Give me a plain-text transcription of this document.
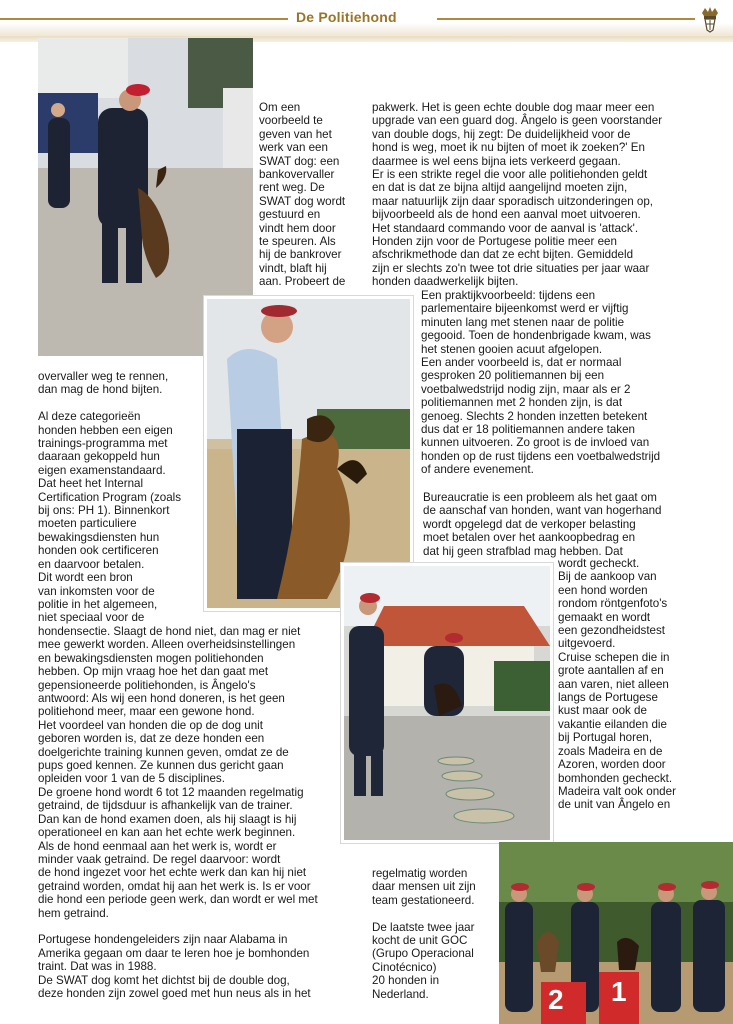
De Politiehond
2 1

Om een
voorbeeld te
geven van het
werk van een
SWAT dog: een
bankovervaller
rent weg. De
SWAT dog wordt
gestuurd en
vindt hem door
te speuren. Als
hij de bankrover
vindt, blaft hij
aan. Probeert de

overvaller weg te rennen,
dan mag de hond bijten.

Al deze categorieën
honden hebben een eigen
trainings-programma met
daaraan gekoppeld hun
eigen examenstandaard.
Dat heet het Internal
Certification Program (zoals
bij ons: PH 1). Binnenkort
moeten particuliere
bewakingsdiensten hun
honden ook certificeren
en daarvoor betalen.
Dit wordt een bron
van inkomsten voor de
politie in het algemeen,
niet speciaal voor de

hondensectie. Slaagt de hond niet, dan mag er niet
mee gewerkt worden. Alleen overheidsinstellingen
en bewakingsdiensten mogen politiehonden
hebben. Op mijn vraag hoe het dan gaat met
gepensioneerde politiehonden, is Ângelo's
antwoord: Als wij een hond doneren, is het geen
politiehond meer, maar een gewone hond.
Het voordeel van honden die op de dog unit
geboren worden is, dat ze deze honden een
doelgerichte training kunnen geven, omdat ze de
pups goed kennen. Ze kunnen dus gericht gaan
opleiden voor 1 van de 5 disciplines.
De groene hond wordt 6 tot 12 maanden regelmatig
getraind, de tijdsduur is afhankelijk van de trainer.
Dan kan de hond examen doen, als hij slaagt is hij
operationeel en kan aan het echte werk beginnen.
Als de hond eenmaal aan het werk is, wordt er
minder vaak getraind. De regel daarvoor: wordt
de hond ingezet voor het echte werk dan kan hij niet
getraind worden, omdat hij aan het werk is. Is er voor
die hond een periode geen werk, dan wordt er wel met
hem getraind.

Portugese hondengeleiders zijn naar Alabama in
Amerika gegaan om daar te leren hoe je bomhonden
traint. Dat was in 1988.
De SWAT dog komt het dichtst bij de double dog,
deze honden zijn zowel goed met hun neus als in het

pakwerk. Het is geen echte double dog maar meer een
upgrade van een guard dog. Ângelo is geen voorstander
van double dogs, hij zegt: De duidelijkheid voor de
hond is weg, moet ik nu bijten of moet ik zoeken?' En
daarmee is wel eens bijna iets verkeerd gegaan.
Er is een strikte regel die voor alle politiehonden geldt
en dat is dat ze bijna altijd aangelijnd moeten zijn,
maar natuurlijk zijn daar sporadisch uitzonderingen op,
bijvoorbeeld als de hond een aanval moet uitvoeren.
Het standaard commando voor de aanval is 'attack'.
Honden zijn voor de Portugese politie meer een
afschrikmethode dan dat ze echt bijten. Gemiddeld
zijn er slechts zo'n twee tot drie situaties per jaar waar
honden daadwerkelijk bijten.

Een praktijkvoorbeeld: tijdens een
parlementaire bijeenkomst werd er vijftig
minuten lang met stenen naar de politie
gegooid. Toen de hondenbrigade kwam, was
het stenen gooien acuut afgelopen.
Een ander voorbeeld is, dat er normaal
gesproken 20 politiemannen bij een
voetbalwedstrijd nodig zijn, maar als er 2
politiemannen met 2 honden zijn, is dat
genoeg. Slechts 2 honden inzetten betekent
dus dat er 18 politiemannen andere taken
kunnen uitvoeren. Zo groot is de invloed van
honden op de rust tijdens een voetbalwedstrijd
of andere evenement.

Bureaucratie is een probleem als het gaat om
de aanschaf van honden, want van hogerhand
wordt opgelegd dat de verkoper belasting
moet betalen over het aankoopbedrag en
dat hij geen strafblad mag hebben. Dat

wordt gecheckt.
Bij de aankoop van
een hond worden
rondom röntgenfoto's
gemaakt en wordt
een gezondheidstest
uitgevoerd.
Cruise schepen die in
grote aantallen af en
aan varen, niet alleen
langs de Portugese
kust maar ook de
vakantie eilanden die
bij Portugal horen,
zoals Madeira en de
Azoren, worden door
bomhonden gecheckt.
Madeira valt ook onder
de unit van Ângelo en

regelmatig worden
daar mensen uit zijn
team gestationeerd.

De laatste twee jaar
kocht de unit GOC
(Grupo Operacional
Cinotécnico)
20 honden in
Nederland.
